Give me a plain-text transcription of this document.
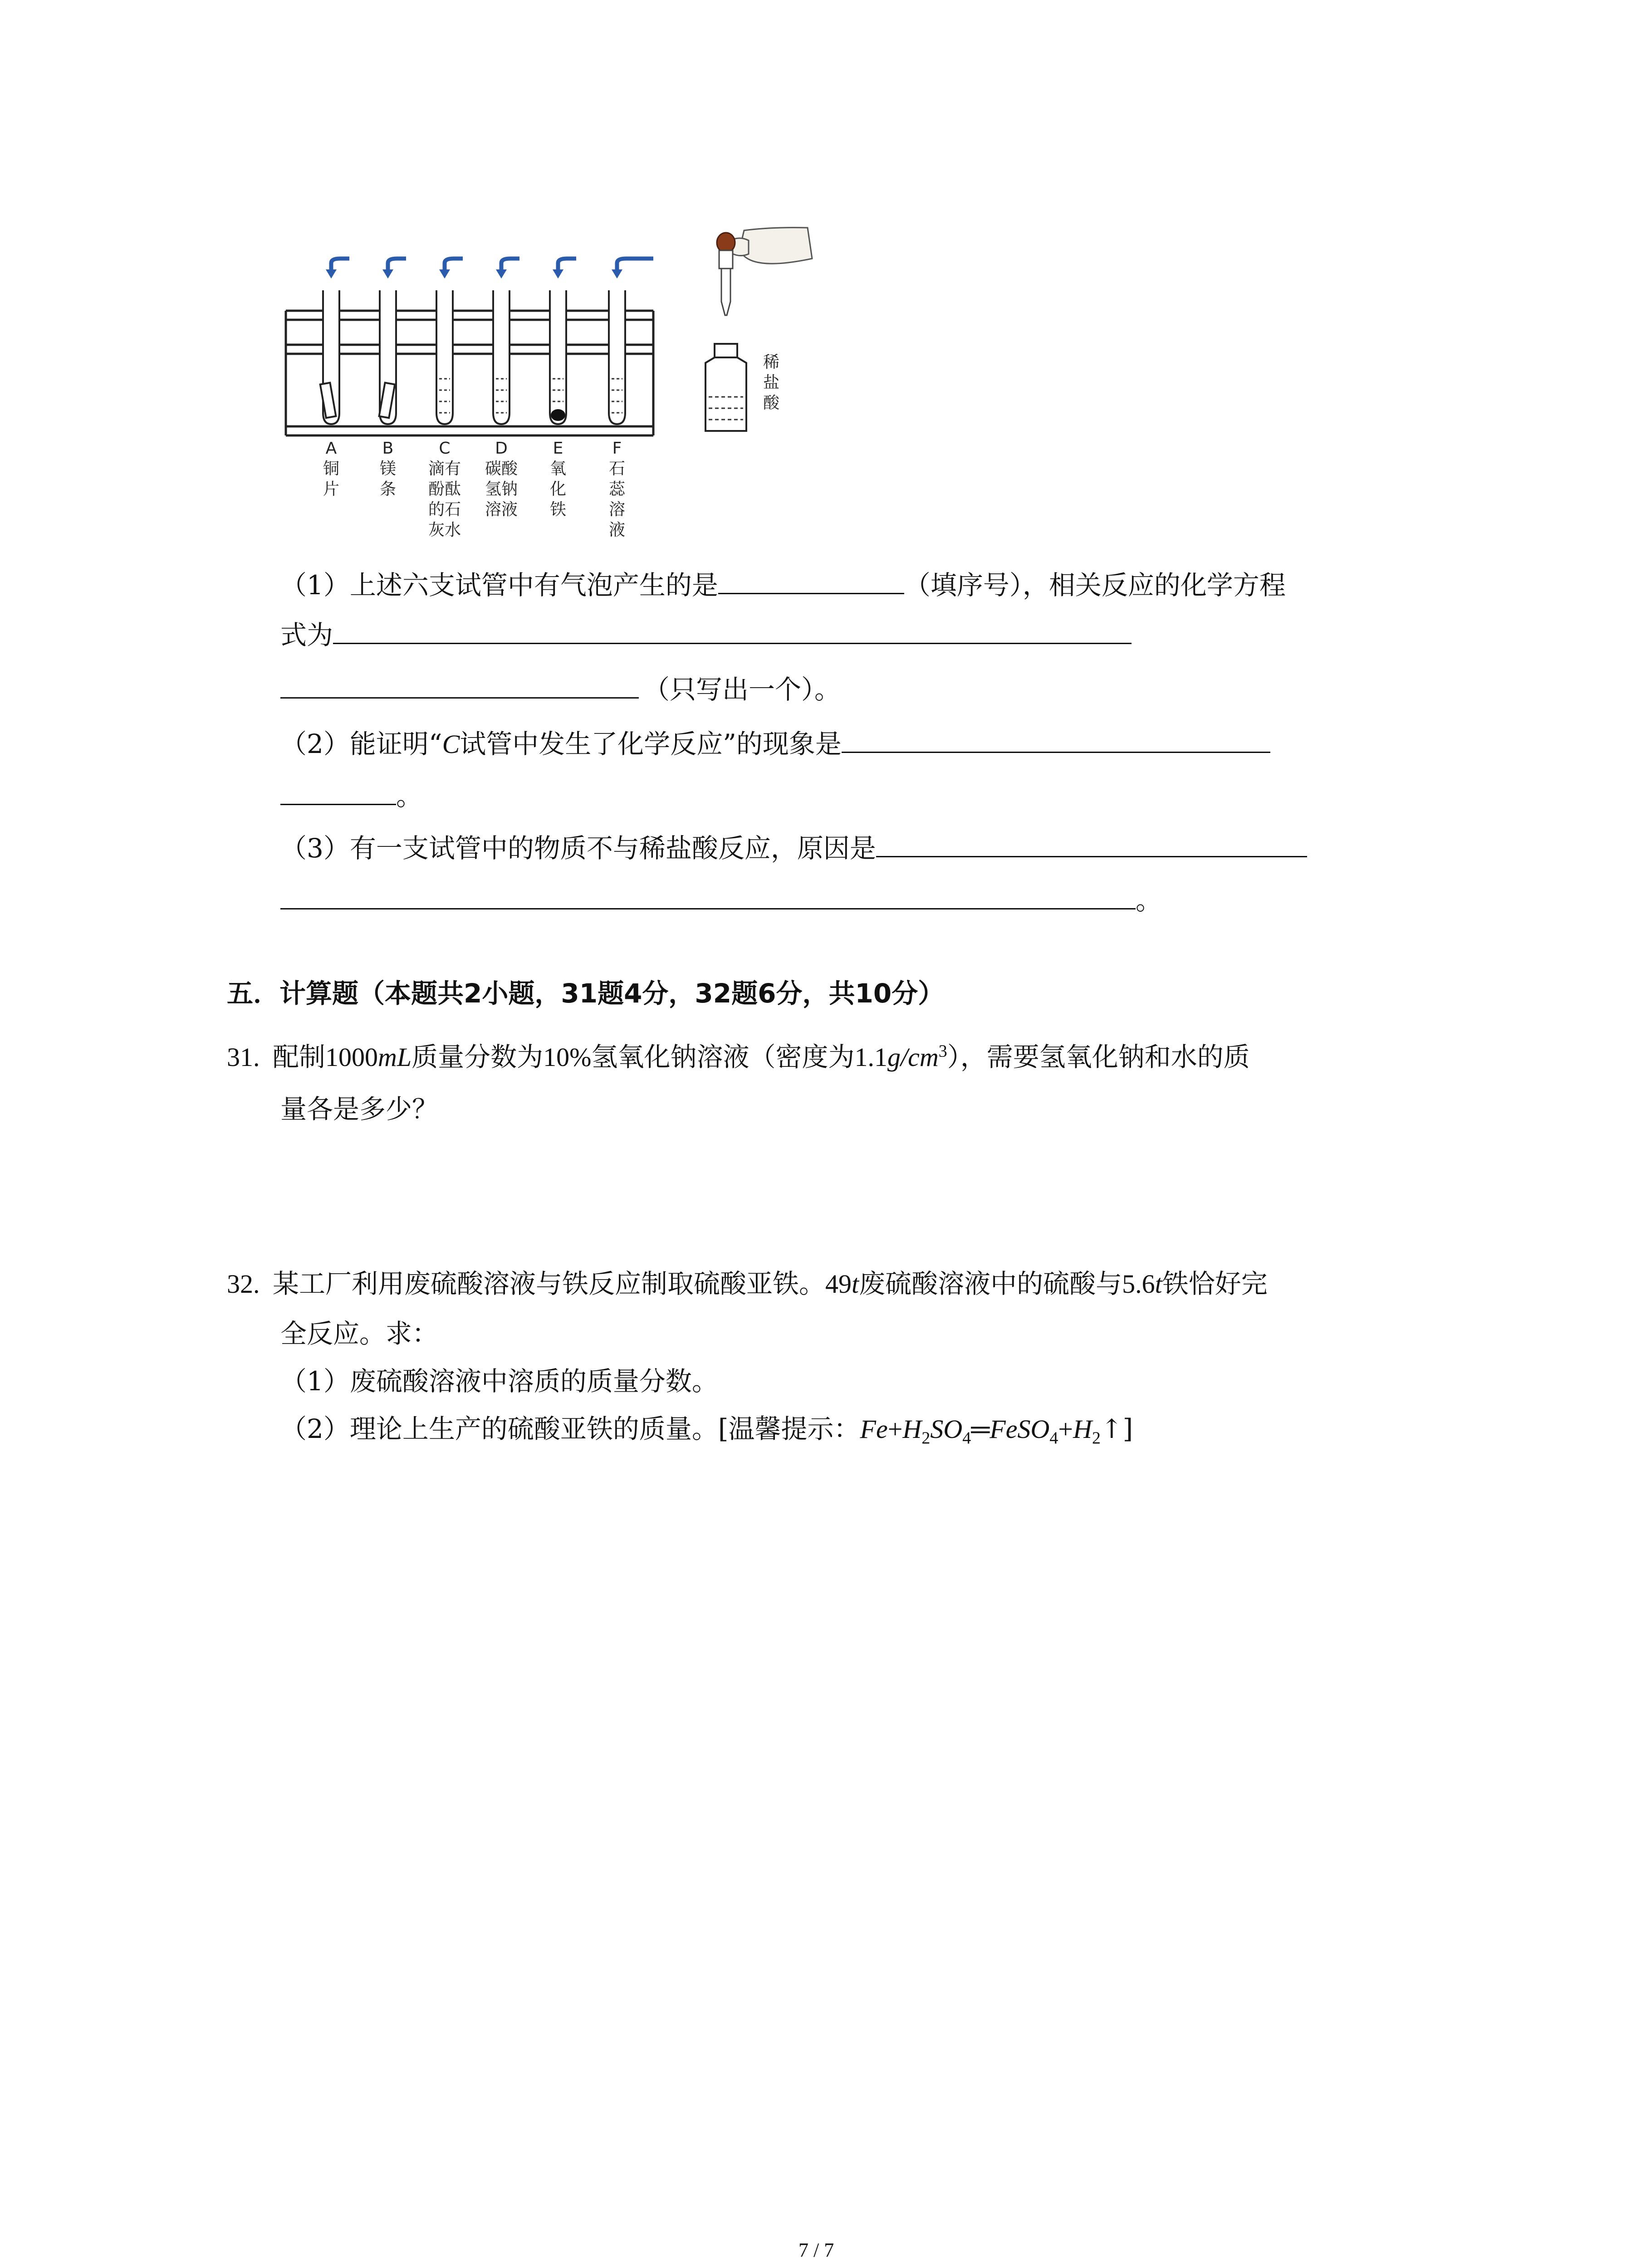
A
铜
片
B
镁
条
C
滴有
酚酞
的石
灰水
D
碳酸
氢钠
溶液
E
氧
化
铁
F
石
蕊
溶
液
稀
盐
酸
（1）上述六支试管中有气泡产生的是	（填序号），相关反应的化学方程
式为
（只写出一个）。
（2）能证明“C试管中发生了化学反应”的现象是
。
（3）有一支试管中的物质不与稀盐酸反应，原因是
。
五．计算题（本题共2小题，31题4分，32题6分，共10分）
31. 配制1000mL质量分数为10%氢氧化钠溶液（密度为$1.1g/cm^3$），需要氢氧化钠和水的质
量各是多少？
32. 某工厂利用废硫酸溶液与铁反应制取硫酸亚铁。49t废硫酸溶液中的硫酸与5.6t铁恰好完
全反应。求：
（1）废硫酸溶液中溶质的质量分数。
（2）理论上生产的硫酸亚铁的质量。[温馨提示：$Fe+H_2SO_4═FeSO_4+H_2↑$]
7 / 7
